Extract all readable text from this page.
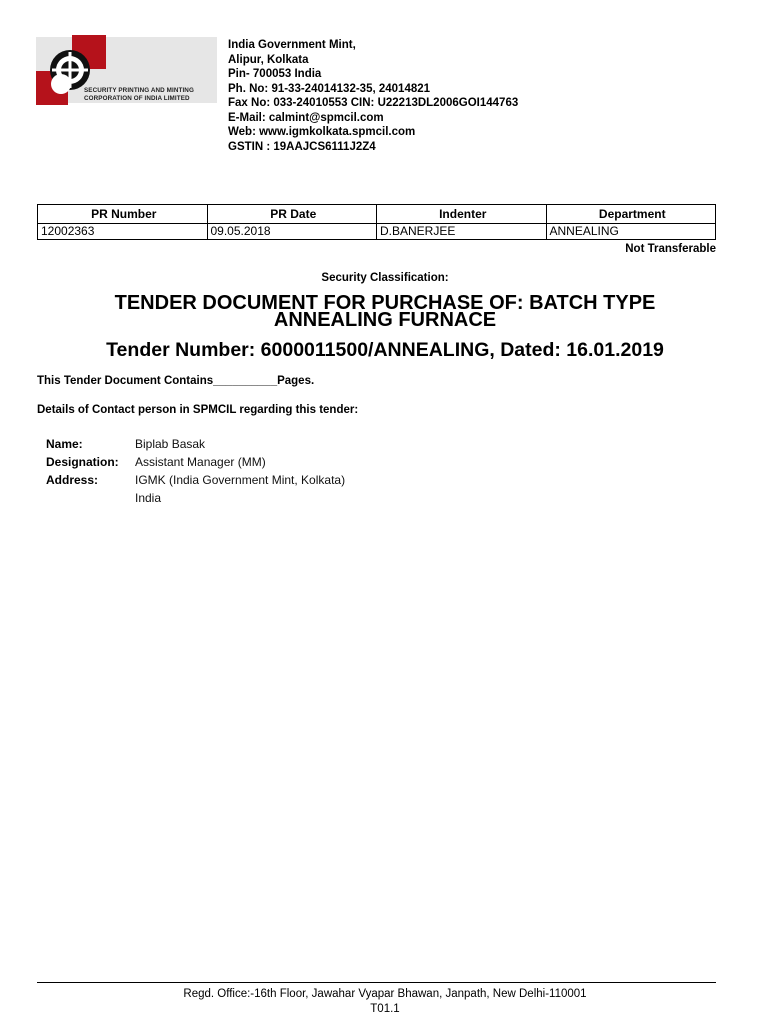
SECURITY PRINTING AND MINTING
CORPORATION OF INDIA LIMITED
India Government Mint,
Alipur, Kolkata
Pin- 700053 India
Ph. No: 91-33-24014132-35, 24014821
Fax No: 033-24010553 CIN: U22213DL2006GOI144763
E-Mail: calmint@spmcil.com
Web: www.igmkolkata.spmcil.com
GSTIN : 19AAJCS6111J2Z4
PR Number	PR Date	Indenter	Department
12002363	09.05.2018	D.BANERJEE	ANNEALING
Not Transferable
Security Classification:
TENDER DOCUMENT FOR PURCHASE OF: BATCH TYPE
ANNEALING FURNACE
Tender Number: 6000011500/ANNEALING, Dated: 16.01.2019
This Tender Document Contains__________Pages.
Details of Contact person in SPMCIL regarding this tender:
Name:	Biplab Basak
Designation:	Assistant Manager (MM)
Address:	IGMK (India Government Mint, Kolkata)
India
Regd. Office:-16th Floor, Jawahar Vyapar Bhawan, Janpath, New Delhi-110001
T01.1
